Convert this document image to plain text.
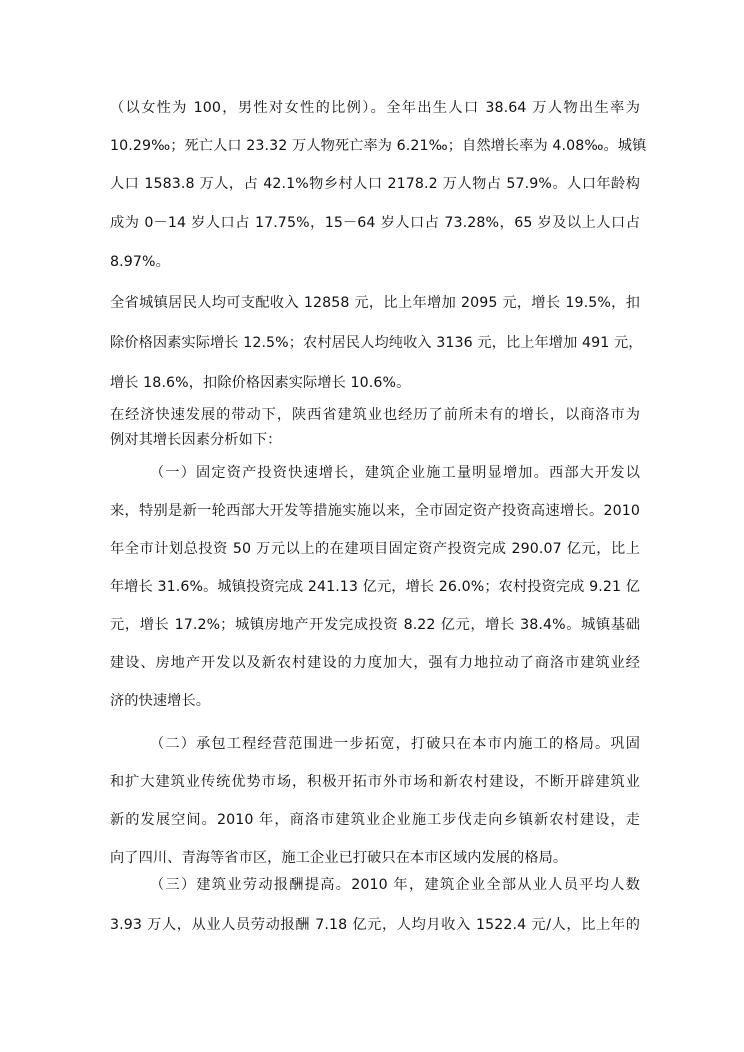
（以女性为 100，男性对女性的比例）。全年出生人口 38.64 万人物出生率为
10.29‰；死亡人口 23.32 万人物死亡率为 6.21‰；自然增长率为 4.08‰。城镇
人口 1583.8 万人，占 42.1%物乡村人口 2178.2 万人物占 57.9%。人口年龄构
成为 0－14 岁人口占 17.75%，15－64 岁人口占 73.28%，65 岁及以上人口占
8.97%。
全省城镇居民人均可支配收入 12858 元，比上年增加 2095 元，增长 19.5%，扣
除价格因素实际增长 12.5%；农村居民人均纯收入 3136 元，比上年增加 491 元，
增长 18.6%，扣除价格因素实际增长 10.6%。
在经济快速发展的带动下，陕西省建筑业也经历了前所未有的增长，以商洛市为
例对其增长因素分析如下：
（一）固定资产投资快速增长，建筑企业施工量明显增加。西部大开发以
来，特别是新一轮西部大开发等措施实施以来，全市固定资产投资高速增长。2010
年全市计划总投资 50 万元以上的在建项目固定资产投资完成 290.07 亿元，比上
年增长 31.6%。城镇投资完成 241.13 亿元，增长 26.0%；农村投资完成 9.21 亿
元，增长 17.2%；城镇房地产开发完成投资 8.22 亿元，增长 38.4%。城镇基础
建设、房地产开发以及新农村建设的力度加大，强有力地拉动了商洛市建筑业经
济的快速增长。
（二）承包工程经营范围进一步拓宽，打破只在本市内施工的格局。巩固
和扩大建筑业传统优势市场，积极开拓市外市场和新农村建设，不断开辟建筑业
新的发展空间。2010 年，商洛市建筑业企业施工步伐走向乡镇新农村建设，走
向了四川、青海等省市区，施工企业已打破只在本市区域内发展的格局。
（三）建筑业劳动报酬提高。2010 年，建筑企业全部从业人员平均人数
3.93 万人，从业人员劳动报酬 7.18 亿元，人均月收入 1522.4 元/人，比上年的
